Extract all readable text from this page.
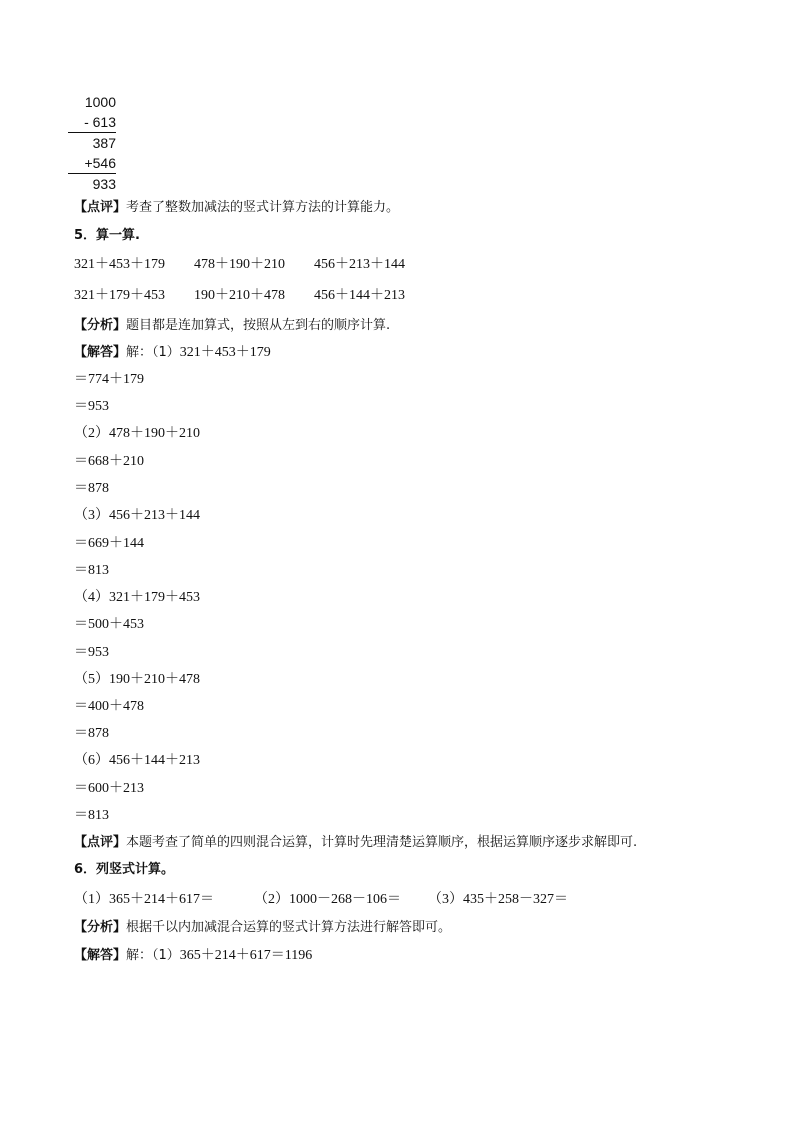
1000
- 613
387
+546
933
【点评】考查了整数加减法的竖式计算方法的计算能力。
5．算一算.
321＋453＋179 478＋190＋210 456＋213＋144
321＋179＋453 190＋210＋478 456＋144＋213
【分析】题目都是连加算式，按照从左到右的顺序计算.
【解答】解：（1）321＋453＋179
＝774＋179
＝953
（2）478＋190＋210
＝668＋210
＝878
（3）456＋213＋144
＝669＋144
＝813
（4）321＋179＋453
＝500＋453
＝953
（5）190＋210＋478
＝400＋478
＝878
（6）456＋144＋213
＝600＋213
＝813
【点评】本题考查了简单的四则混合运算，计算时先理清楚运算顺序，根据运算顺序逐步求解即可.
6．列竖式计算。
（1）365＋214＋617＝	（2）1000－268－106＝ （3）435＋258－327＝
【分析】根据千以内加减混合运算的竖式计算方法进行解答即可。
【解答】解：（1）365＋214＋617＝1196
